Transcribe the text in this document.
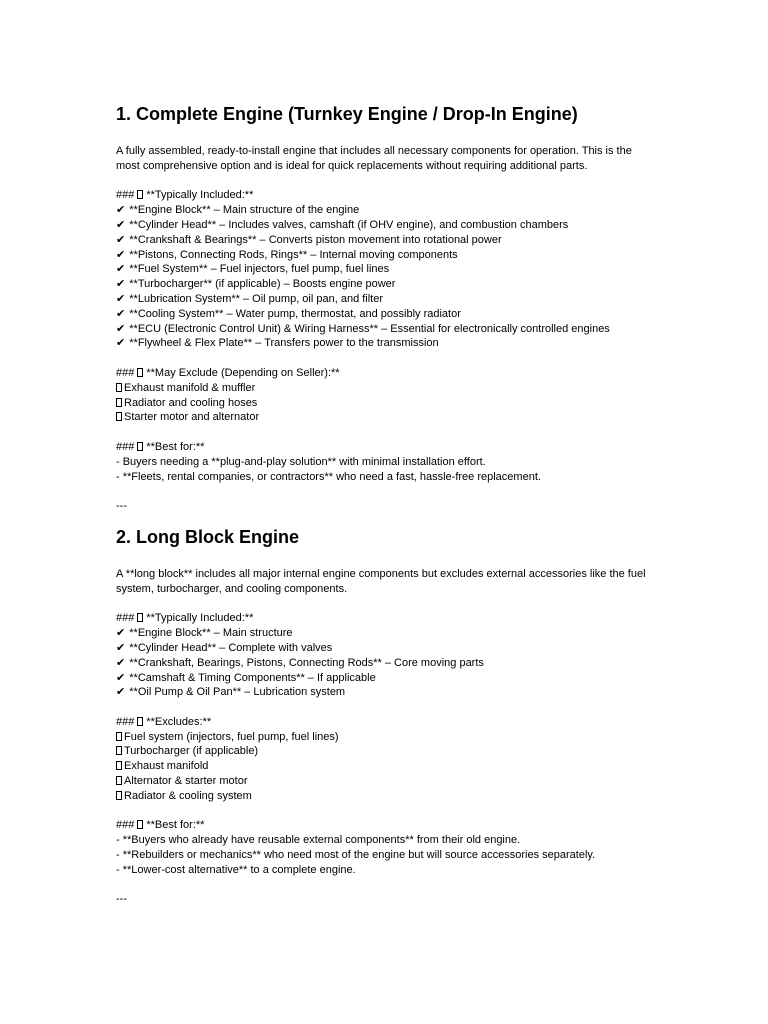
1. Complete Engine (Turnkey Engine / Drop-In Engine)

A fully assembled, ready-to-install engine that includes all necessary components for operation. This is the most comprehensive option and is ideal for quick replacements without requiring additional parts.

### **Typically Included:**
✔ **Engine Block** – Main structure of the engine
✔ **Cylinder Head** – Includes valves, camshaft (if OHV engine), and combustion chambers
✔ **Crankshaft & Bearings** – Converts piston movement into rotational power
✔ **Pistons, Connecting Rods, Rings** – Internal moving components
✔ **Fuel System** – Fuel injectors, fuel pump, fuel lines
✔ **Turbocharger** (if applicable) – Boosts engine power
✔ **Lubrication System** – Oil pump, oil pan, and filter
✔ **Cooling System** – Water pump, thermostat, and possibly radiator
✔ **ECU (Electronic Control Unit) & Wiring Harness** – Essential for electronically controlled engines
✔ **Flywheel & Flex Plate** – Transfers power to the transmission
### **May Exclude (Depending on Seller):**
Exhaust manifold & muffler
Radiator and cooling hoses
Starter motor and alternator
### **Best for:**
- Buyers needing a **plug-and-play solution** with minimal installation effort.
- **Fleets, rental companies, or contractors** who need a fast, hassle-free replacement.
---
2. Long Block Engine

A **long block** includes all major internal engine components but excludes external accessories like the fuel system, turbocharger, and cooling components.

### **Typically Included:**
✔ **Engine Block** – Main structure
✔ **Cylinder Head** – Complete with valves
✔ **Crankshaft, Bearings, Pistons, Connecting Rods** – Core moving parts
✔ **Camshaft & Timing Components** – If applicable
✔ **Oil Pump & Oil Pan** – Lubrication system
### **Excludes:**
Fuel system (injectors, fuel pump, fuel lines)
Turbocharger (if applicable)
Exhaust manifold
Alternator & starter motor
Radiator & cooling system
### **Best for:**
- **Buyers who already have reusable external components** from their old engine.
- **Rebuilders or mechanics** who need most of the engine but will source accessories separately.
- **Lower-cost alternative** to a complete engine.
---
